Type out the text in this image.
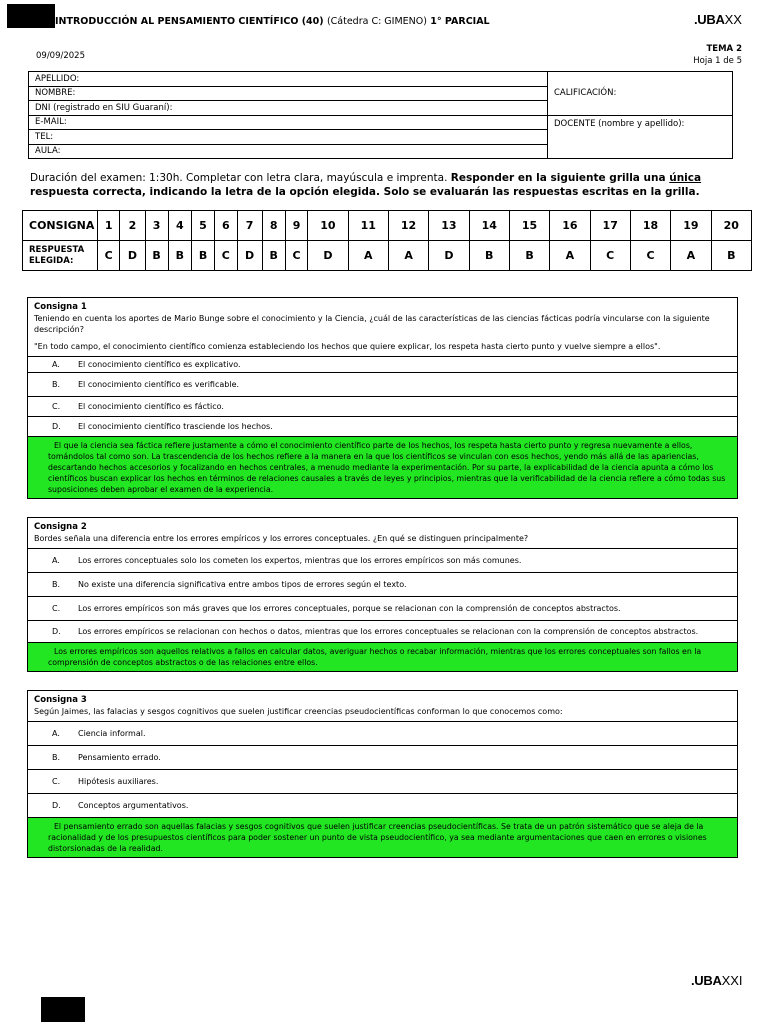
INTRODUCCIÓN AL PENSAMIENTO CIENTÍFICO (40) (Cátedra C: GIMENO) 1° PARCIAL	.UBAXX
09/09/2025
TEMA 2
Hoja 1 de 5
APELLIDO:	CALIFICACIÓN:
NOMBRE:	
DNI (registrado en SIU Guaraní):	
E-MAIL:	DOCENTE (nombre y apellido):
TEL:	
AULA:	
Duración del examen: 1:30h. Completar con letra clara, mayúscula e imprenta. Responder en la siguiente grilla una única respuesta correcta, indicando la letra de la opción elegida. Solo se evaluarán las respuestas escritas en la grilla.
CONSIGNA	1	2	3	4	5	6	7	8	9	10	11	12	13	14	15	16	17	18	19	20
RESPUESTA ELEGIDA:	C	D	B	B	B	C	D	B	C	D	A	A	D	B	B	A	C	C	A	B
Consigna 1
Teniendo en cuenta los aportes de Mario Bunge sobre el conocimiento y la Ciencia, ¿cuál de las características de las ciencias fácticas podría vincularse con la siguiente descripción?
"En todo campo, el conocimiento científico comienza estableciendo los hechos que quiere explicar, los respeta hasta cierto punto y vuelve siempre a ellos".
A.	El conocimiento científico es explicativo.
B.	El conocimiento científico es verificable.
C.	El conocimiento científico es fáctico.
D.	El conocimiento científico trasciende los hechos.
El que la ciencia sea fáctica refiere justamente a cómo el conocimiento científico parte de los hechos, los respeta hasta cierto punto y regresa nuevamente a ellos, tomándolos tal como son. La trascendencia de los hechos refiere a la manera en la que los científicos se vinculan con esos hechos, yendo más allá de las apariencias, descartando hechos accesorios y focalizando en hechos centrales, a menudo mediante la experimentación. Por su parte, la explicabilidad de la ciencia apunta a cómo los científicos buscan explicar los hechos en términos de relaciones causales a través de leyes y principios, mientras que la verificabilidad de la ciencia refiere a cómo todas sus suposiciones deben aprobar el examen de la experiencia.
Consigna 2
Bordes señala una diferencia entre los errores empíricos y los errores conceptuales. ¿En qué se distinguen principalmente?
A.	Los errores conceptuales solo los cometen los expertos, mientras que los errores empíricos son más comunes.
B.	No existe una diferencia significativa entre ambos tipos de errores según el texto.
C.	Los errores empíricos son más graves que los errores conceptuales, porque se relacionan con la comprensión de conceptos abstractos.
D.	Los errores empíricos se relacionan con hechos o datos, mientras que los errores conceptuales se relacionan con la comprensión de conceptos abstractos.
Los errores empíricos son aquellos relativos a fallos en calcular datos, averiguar hechos o recabar información, mientras que los errores conceptuales son fallos en la comprensión de conceptos abstractos o de las relaciones entre ellos.
Consigna 3
Según Jaimes, las falacias y sesgos cognitivos que suelen justificar creencias pseudocientíficas conforman lo que conocemos como:
A.	Ciencia informal.
B.	Pensamiento errado.
C.	Hipótesis auxiliares.
D.	Conceptos argumentativos.
El pensamiento errado son aquellas falacias y sesgos cognitivos que suelen justificar creencias pseudocientíficas. Se trata de un patrón sistemático que se aleja de la racionalidad y de los presupuestos científicos para poder sostener un punto de vista pseudocientífico, ya sea mediante argumentaciones que caen en errores o visiones distorsionadas de la realidad.
.UBAXXI
